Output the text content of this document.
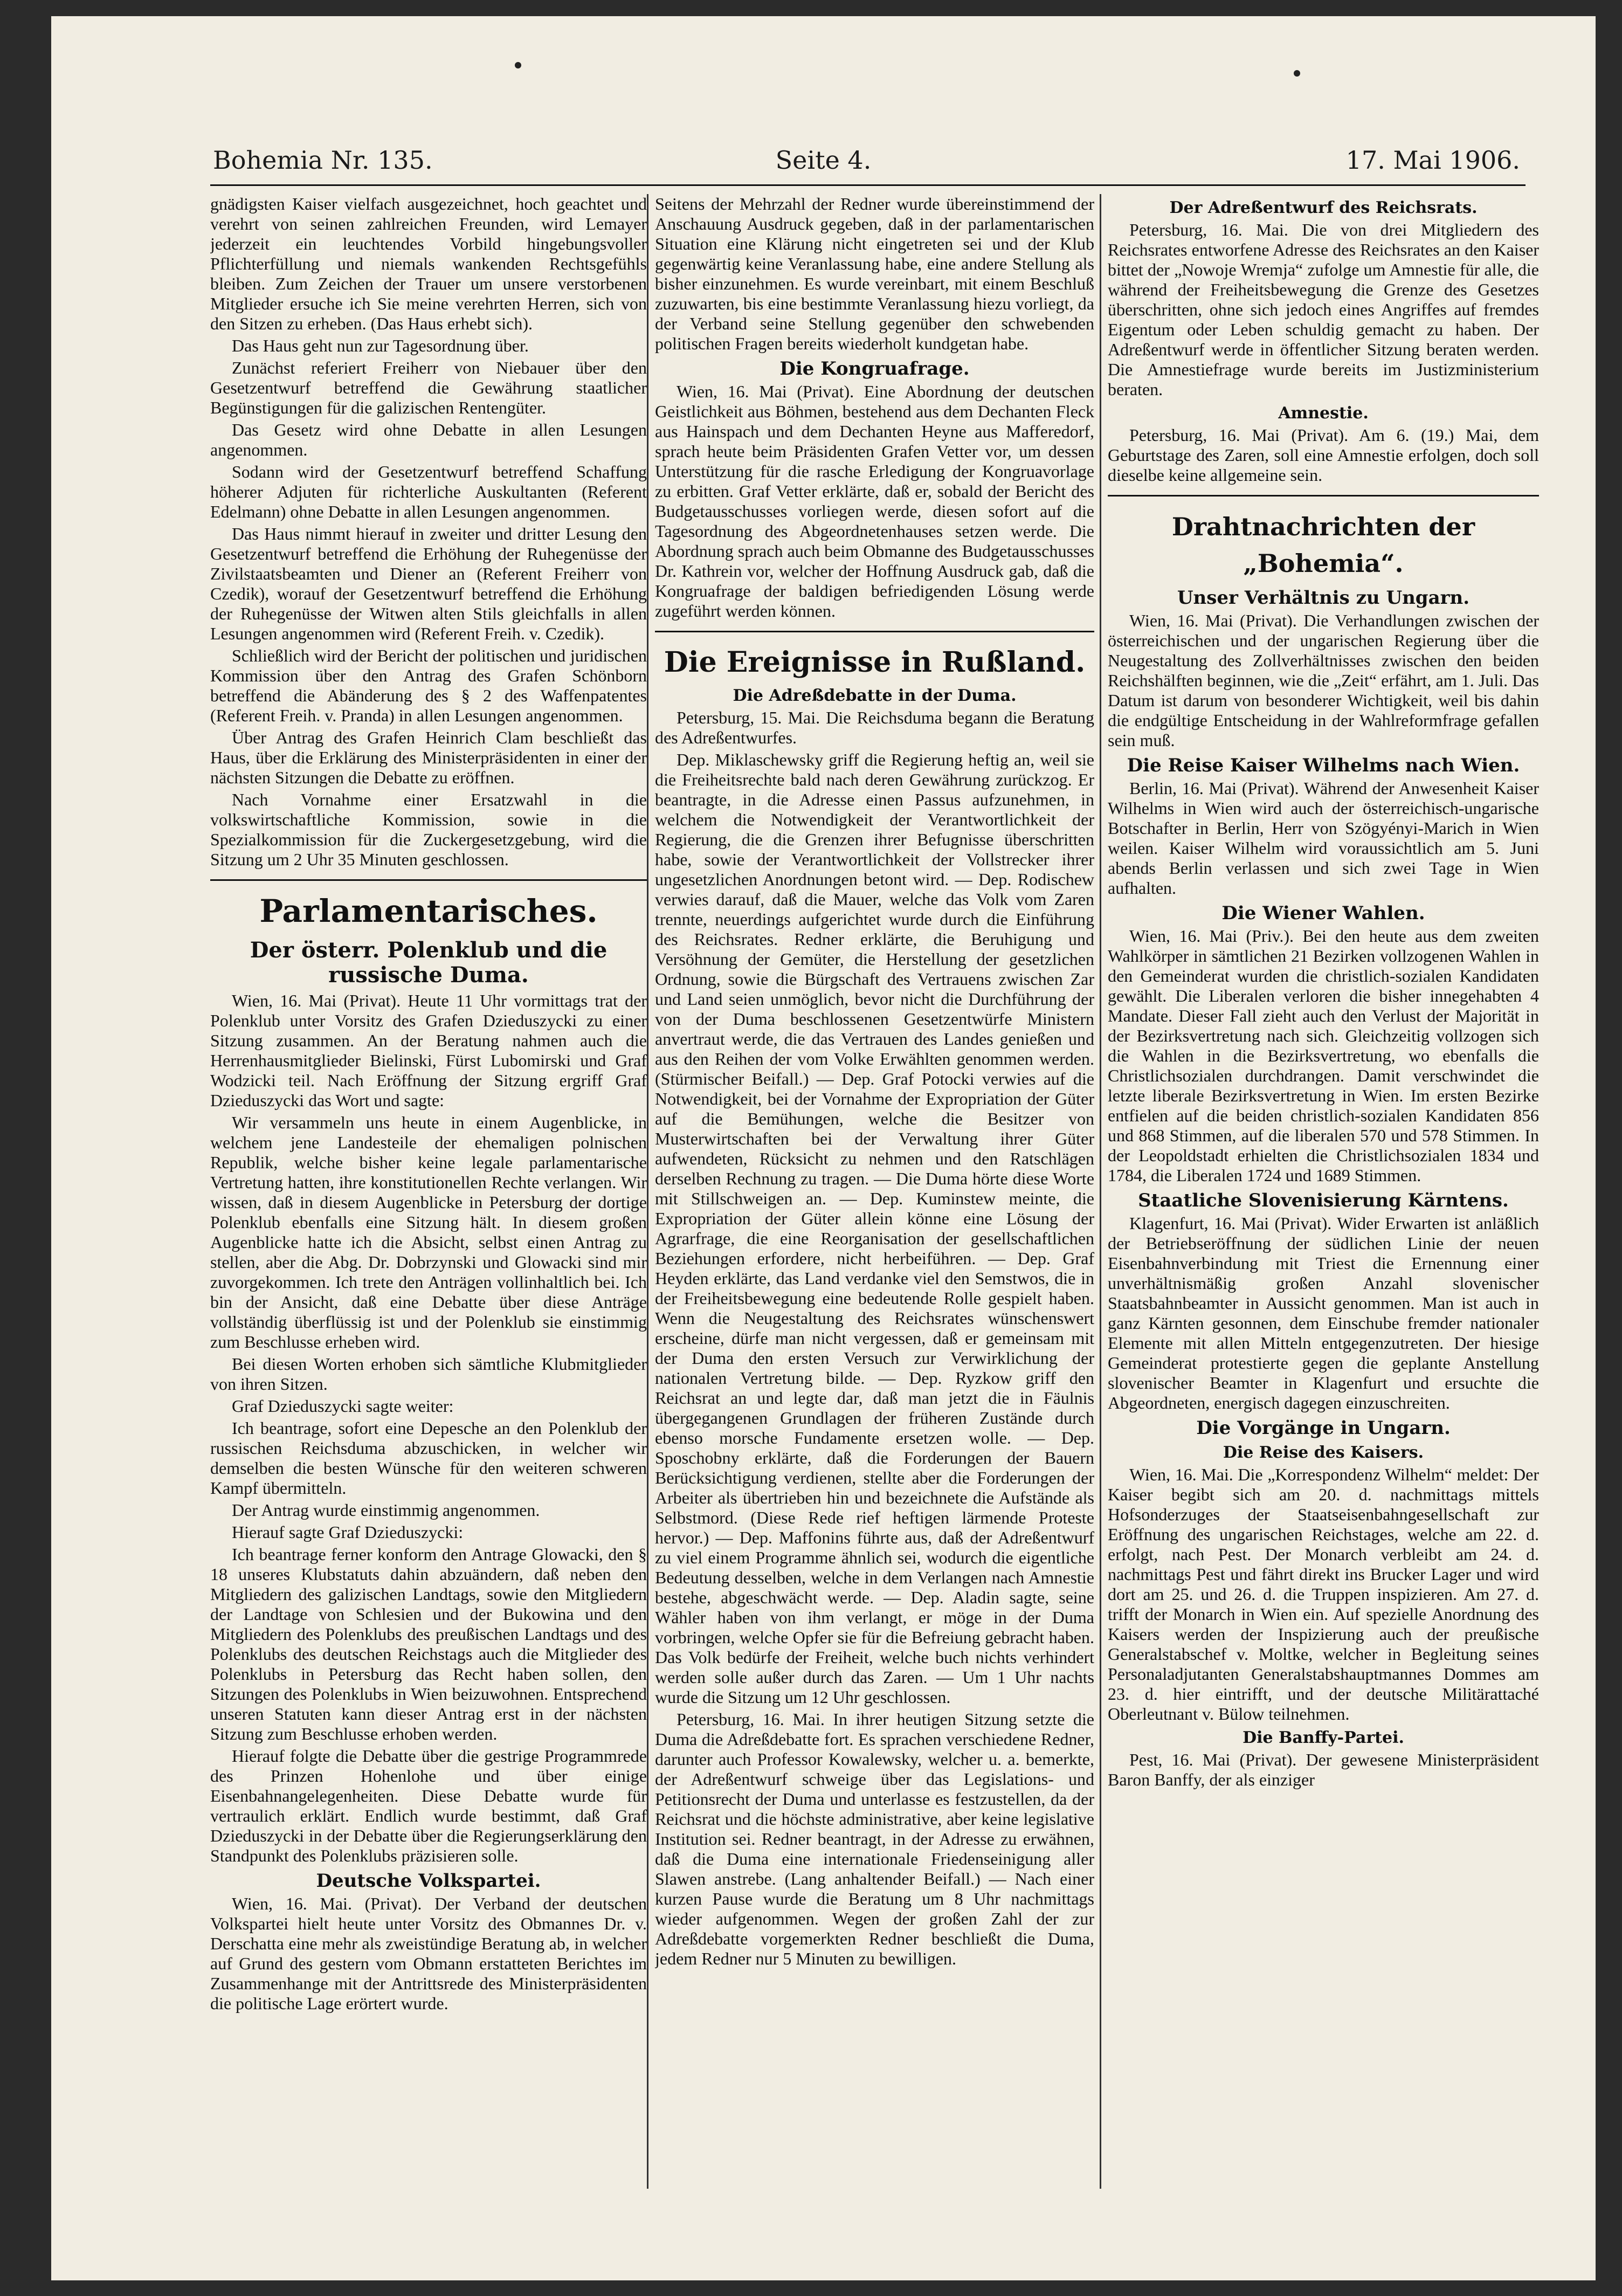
Bohemia Nr. 135.	Seite 4.	17. Mai 1906.

gnädigsten Kaiser vielfach ausgezeichnet, hoch geachtet und verehrt von seinen zahlreichen Freunden, wird Lemayer jederzeit ein leuchtendes Vorbild hingebungsvoller Pflichterfüllung und niemals wankenden Rechtsgefühls bleiben. Zum Zeichen der Trauer um unsere verstorbenen Mitglieder ersuche ich Sie meine verehrten Herren, sich von den Sitzen zu erheben. (Das Haus erhebt sich).

Das Haus geht nun zur Tagesordnung über.

Zunächst referiert Freiherr von Niebauer über den Gesetzentwurf betreffend die Gewährung staatlicher Begünstigungen für die galizischen Rentengüter.

Das Gesetz wird ohne Debatte in allen Lesungen angenommen.

Sodann wird der Gesetzentwurf betreffend Schaffung höherer Adjuten für richterliche Auskultanten (Referent Edelmann) ohne Debatte in allen Lesungen angenommen.

Das Haus nimmt hierauf in zweiter und dritter Lesung den Gesetzentwurf betreffend die Erhöhung der Ruhegenüsse der Zivilstaatsbeamten und Diener an (Referent Freiherr von Czedik), worauf der Gesetzentwurf betreffend die Erhöhung der Ruhegenüsse der Witwen alten Stils gleichfalls in allen Lesungen angenommen wird (Referent Freih. v. Czedik).

Schließlich wird der Bericht der politischen und juridischen Kommission über den Antrag des Grafen Schönborn betreffend die Abänderung des § 2 des Waffenpatentes (Referent Freih. v. Pranda) in allen Lesungen angenommen.

Über Antrag des Grafen Heinrich Clam beschließt das Haus, über die Erklärung des Ministerpräsidenten in einer der nächsten Sitzungen die Debatte zu eröffnen.

Nach Vornahme einer Ersatzwahl in die volkswirtschaftliche Kommission, sowie in die Spezialkommission für die Zuckergesetzgebung, wird die Sitzung um 2 Uhr 35 Minuten geschlossen.

Parlamentarisches.
Der österr. Polenklub und die russische Duma.

Wien, 16. Mai (Privat). Heute 11 Uhr vormittags trat der Polenklub unter Vorsitz des Grafen Dzieduszycki zu einer Sitzung zusammen. An der Beratung nahmen auch die Herrenhausmitglieder Bielinski, Fürst Lubomirski und Graf Wodzicki teil. Nach Eröffnung der Sitzung ergriff Graf Dzieduszycki das Wort und sagte:

Wir versammeln uns heute in einem Augenblicke, in welchem jene Landesteile der ehemaligen polnischen Republik, welche bisher keine legale parlamentarische Vertretung hatten, ihre konstitutionellen Rechte verlangen. Wir wissen, daß in diesem Augenblicke in Petersburg der dortige Polenklub ebenfalls eine Sitzung hält. In diesem großen Augenblicke hatte ich die Absicht, selbst einen Antrag zu stellen, aber die Abg. Dr. Dobrzynski und Glowacki sind mir zuvorgekommen. Ich trete den Anträgen vollinhaltlich bei. Ich bin der Ansicht, daß eine Debatte über diese Anträge vollständig überflüssig ist und der Polenklub sie einstimmig zum Beschlusse erheben wird.

Bei diesen Worten erhoben sich sämtliche Klubmitglieder von ihren Sitzen.

Graf Dzieduszycki sagte weiter:

Ich beantrage, sofort eine Depesche an den Polenklub der russischen Reichsduma abzuschicken, in welcher wir demselben die besten Wünsche für den weiteren schweren Kampf übermitteln.

Der Antrag wurde einstimmig angenommen.

Hierauf sagte Graf Dzieduszycki:

Ich beantrage ferner konform den Antrage Glowacki, den § 18 unseres Klubstatuts dahin abzuändern, daß neben den Mitgliedern des galizischen Landtags, sowie den Mitgliedern der Landtage von Schlesien und der Bukowina und den Mitgliedern des Polenklubs des preußischen Landtags und des Polenklubs des deutschen Reichstags auch die Mitglieder des Polenklubs in Petersburg das Recht haben sollen, den Sitzungen des Polenklubs in Wien beizuwohnen. Entsprechend unseren Statuten kann dieser Antrag erst in der nächsten Sitzung zum Beschlusse erhoben werden.

Hierauf folgte die Debatte über die gestrige Programmrede des Prinzen Hohenlohe und über einige Eisenbahnangelegenheiten. Diese Debatte wurde für vertraulich erklärt. Endlich wurde bestimmt, daß Graf Dzieduszycki in der Debatte über die Regierungserklärung den Standpunkt des Polenklubs präzisieren solle.

Deutsche Volkspartei.

Wien, 16. Mai. (Privat). Der Verband der deutschen Volkspartei hielt heute unter Vorsitz des Obmannes Dr. v. Derschatta eine mehr als zweistündige Beratung ab, in welcher auf Grund des gestern vom Obmann erstatteten Berichtes im Zusammenhange mit der Antrittsrede des Ministerpräsidenten die politische Lage erörtert wurde.

Seitens der Mehrzahl der Redner wurde übereinstimmend der Anschauung Ausdruck gegeben, daß in der parlamentarischen Situation eine Klärung nicht eingetreten sei und der Klub gegenwärtig keine Veranlassung habe, eine andere Stellung als bisher einzunehmen. Es wurde vereinbart, mit einem Beschluß zuzuwarten, bis eine bestimmte Veranlassung hiezu vorliegt, da der Verband seine Stellung gegenüber den schwebenden politischen Fragen bereits wiederholt kundgetan habe.

Die Kongruafrage.

Wien, 16. Mai (Privat). Eine Abordnung der deutschen Geistlichkeit aus Böhmen, bestehend aus dem Dechanten Fleck aus Hainspach und dem Dechanten Heyne aus Mafferedorf, sprach heute beim Präsidenten Grafen Vetter vor, um dessen Unterstützung für die rasche Erledigung der Kongruavorlage zu erbitten. Graf Vetter erklärte, daß er, sobald der Bericht des Budgetausschusses vorliegen werde, diesen sofort auf die Tagesordnung des Abgeordnetenhauses setzen werde. Die Abordnung sprach auch beim Obmanne des Budgetausschusses Dr. Kathrein vor, welcher der Hoffnung Ausdruck gab, daß die Kongruafrage der baldigen befriedigenden Lösung werde zugeführt werden können.

Die Ereignisse in Rußland.
Die Adreßdebatte in der Duma.

Petersburg, 15. Mai. Die Reichsduma begann die Beratung des Adreßentwurfes.

Dep. Miklaschewsky griff die Regierung heftig an, weil sie die Freiheitsrechte bald nach deren Gewährung zurückzog. Er beantragte, in die Adresse einen Passus aufzunehmen, in welchem die Notwendigkeit der Verantwortlichkeit der Regierung, die die Grenzen ihrer Befugnisse überschritten habe, sowie der Verantwortlichkeit der Vollstrecker ihrer ungesetzlichen Anordnungen betont wird. — Dep. Rodischew verwies darauf, daß die Mauer, welche das Volk vom Zaren trennte, neuerdings aufgerichtet wurde durch die Einführung des Reichsrates. Redner erklärte, die Beruhigung und Versöhnung der Gemüter, die Herstellung der gesetzlichen Ordnung, sowie die Bürgschaft des Vertrauens zwischen Zar und Land seien unmöglich, bevor nicht die Durchführung der von der Duma beschlossenen Gesetzentwürfe Ministern anvertraut werde, die das Vertrauen des Landes genießen und aus den Reihen der vom Volke Erwählten genommen werden. (Stürmischer Beifall.) — Dep. Graf Potocki verwies auf die Notwendigkeit, bei der Vornahme der Expropriation der Güter auf die Bemühungen, welche die Besitzer von Musterwirtschaften bei der Verwaltung ihrer Güter aufwendeten, Rücksicht zu nehmen und den Ratschlägen derselben Rechnung zu tragen. — Die Duma hörte diese Worte mit Stillschweigen an. — Dep. Kuminstew meinte, die Expropriation der Güter allein könne eine Lösung der Agrarfrage, die eine Reorganisation der gesellschaftlichen Beziehungen erfordere, nicht herbeiführen. — Dep. Graf Heyden erklärte, das Land verdanke viel den Semstwos, die in der Freiheitsbewegung eine bedeutende Rolle gespielt haben. Wenn die Neugestaltung des Reichsrates wünschenswert erscheine, dürfe man nicht vergessen, daß er gemeinsam mit der Duma den ersten Versuch zur Verwirklichung der nationalen Vertretung bilde. — Dep. Ryzkow griff den Reichsrat an und legte dar, daß man jetzt die in Fäulnis übergegangenen Grundlagen der früheren Zustände durch ebenso morsche Fundamente ersetzen wolle. — Dep. Sposchobny erklärte, daß die Forderungen der Bauern Berücksichtigung verdienen, stellte aber die Forderungen der Arbeiter als übertrieben hin und bezeichnete die Aufstände als Selbstmord. (Diese Rede rief heftigen lärmende Proteste hervor.) — Dep. Maffonins führte aus, daß der Adreßentwurf zu viel einem Programme ähnlich sei, wodurch die eigentliche Bedeutung desselben, welche in dem Verlangen nach Amnestie bestehe, abgeschwächt werde. — Dep. Aladin sagte, seine Wähler haben von ihm verlangt, er möge in der Duma vorbringen, welche Opfer sie für die Befreiung gebracht haben. Das Volk bedürfe der Freiheit, welche buch nichts verhindert werden solle außer durch das Zaren. — Um 1 Uhr nachts wurde die Sitzung um 12 Uhr geschlossen.

Petersburg, 16. Mai. In ihrer heutigen Sitzung setzte die Duma die Adreßdebatte fort. Es sprachen verschiedene Redner, darunter auch Professor Kowalewsky, welcher u. a. bemerkte, der Adreßentwurf schweige über das Legislations- und Petitionsrecht der Duma und unterlasse es festzustellen, da der Reichsrat und die höchste administrative, aber keine legislative Institution sei. Redner beantragt, in der Adresse zu erwähnen, daß die Duma eine internationale Friedenseinigung aller Slawen anstrebe. (Lang anhaltender Beifall.) — Nach einer kurzen Pause wurde die Beratung um 8 Uhr nachmittags wieder aufgenommen. Wegen der großen Zahl der zur Adreßdebatte vorgemerkten Redner beschließt die Duma, jedem Redner nur 5 Minuten zu bewilligen.

Der Adreßentwurf des Reichsrats.

Petersburg, 16. Mai. Die von drei Mitgliedern des Reichsrates entworfene Adresse des Reichsrates an den Kaiser bittet der „Nowoje Wremja“ zufolge um Amnestie für alle, die während der Freiheitsbewegung die Grenze des Gesetzes überschritten, ohne sich jedoch eines Angriffes auf fremdes Eigentum oder Leben schuldig gemacht zu haben. Der Adreßentwurf werde in öffentlicher Sitzung beraten werden. Die Amnestiefrage wurde bereits im Justizministerium beraten.

Amnestie.

Petersburg, 16. Mai (Privat). Am 6. (19.) Mai, dem Geburtstage des Zaren, soll eine Amnestie erfolgen, doch soll dieselbe keine allgemeine sein.

Drahtnachrichten der „Bohemia“.
Unser Verhältnis zu Ungarn.

Wien, 16. Mai (Privat). Die Verhandlungen zwischen der österreichischen und der ungarischen Regierung über die Neugestaltung des Zollverhältnisses zwischen den beiden Reichshälften beginnen, wie die „Zeit“ erfährt, am 1. Juli. Das Datum ist darum von besonderer Wichtigkeit, weil bis dahin die endgültige Entscheidung in der Wahlreformfrage gefallen sein muß.

Die Reise Kaiser Wilhelms nach Wien.

Berlin, 16. Mai (Privat). Während der Anwesenheit Kaiser Wilhelms in Wien wird auch der österreichisch-ungarische Botschafter in Berlin, Herr von Szögyényi-Marich in Wien weilen. Kaiser Wilhelm wird voraussichtlich am 5. Juni abends Berlin verlassen und sich zwei Tage in Wien aufhalten.

Die Wiener Wahlen.

Wien, 16. Mai (Priv.). Bei den heute aus dem zweiten Wahlkörper in sämtlichen 21 Bezirken vollzogenen Wahlen in den Gemeinderat wurden die christlich-sozialen Kandidaten gewählt. Die Liberalen verloren die bisher innegehabten 4 Mandate. Dieser Fall zieht auch den Verlust der Majorität in der Bezirksvertretung nach sich. Gleichzeitig vollzogen sich die Wahlen in die Bezirksvertretung, wo ebenfalls die Christlichsozialen durchdrangen. Damit verschwindet die letzte liberale Bezirksvertretung in Wien. Im ersten Bezirke entfielen auf die beiden christlich-sozialen Kandidaten 856 und 868 Stimmen, auf die liberalen 570 und 578 Stimmen. In der Leopoldstadt erhielten die Christlichsozialen 1834 und 1784, die Liberalen 1724 und 1689 Stimmen.

Staatliche Slovenisierung Kärntens.

Klagenfurt, 16. Mai (Privat). Wider Erwarten ist anläßlich der Betriebseröffnung der südlichen Linie der neuen Eisenbahnverbindung mit Triest die Ernennung einer unverhältnismäßig großen Anzahl slovenischer Staatsbahnbeamter in Aussicht genommen. Man ist auch in ganz Kärnten gesonnen, dem Einschube fremder nationaler Elemente mit allen Mitteln entgegenzutreten. Der hiesige Gemeinderat protestierte gegen die geplante Anstellung slovenischer Beamter in Klagenfurt und ersuchte die Abgeordneten, energisch dagegen einzuschreiten.

Die Vorgänge in Ungarn.
Die Reise des Kaisers.

Wien, 16. Mai. Die „Korrespondenz Wilhelm“ meldet: Der Kaiser begibt sich am 20. d. nachmittags mittels Hofsonderzuges der Staatseisenbahngesellschaft zur Eröffnung des ungarischen Reichstages, welche am 22. d. erfolgt, nach Pest. Der Monarch verbleibt am 24. d. nachmittags Pest und fährt direkt ins Brucker Lager und wird dort am 25. und 26. d. die Truppen inspizieren. Am 27. d. trifft der Monarch in Wien ein. Auf spezielle Anordnung des Kaisers werden der Inspizierung auch der preußische Generalstabschef v. Moltke, welcher in Begleitung seines Personaladjutanten Generalstabshauptmannes Dommes am 23. d. hier eintrifft, und der deutsche Militärattaché Oberleutnant v. Bülow teilnehmen.

Die Banffy-Partei.

Pest, 16. Mai (Privat). Der gewesene Ministerpräsident Baron Banffy, der als einziger
